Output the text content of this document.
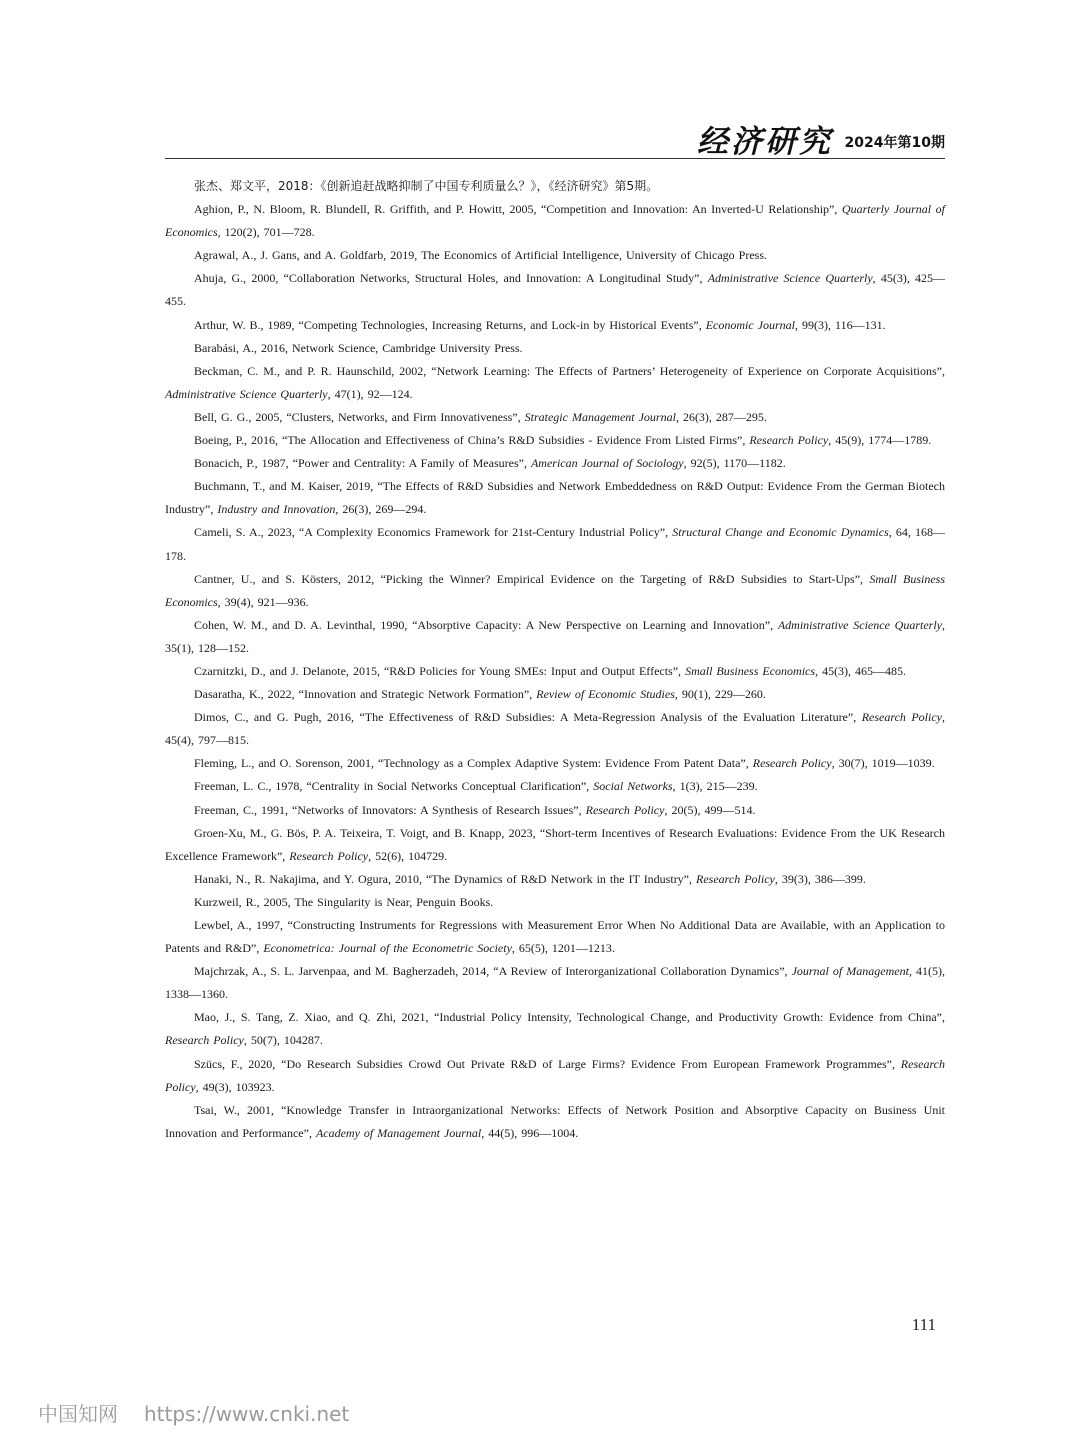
经济研究 2024年第10期
张杰、郑文平，2018：《创新追赶战略抑制了中国专利质量么？》，《经济研究》第5期。
Aghion, P., N. Bloom, R. Blundell, R. Griffith, and P. Howitt, 2005, “Competition and Innovation: An Inverted-U Relationship”, Quarterly Journal of Economics, 120(2), 701—728.
Agrawal, A., J. Gans, and A. Goldfarb, 2019, The Economics of Artificial Intelligence, University of Chicago Press.
Ahuja, G., 2000, “Collaboration Networks, Structural Holes, and Innovation: A Longitudinal Study”, Administrative Science Quarterly, 45(3), 425—455.
Arthur, W. B., 1989, “Competing Technologies, Increasing Returns, and Lock-in by Historical Events”, Economic Journal, 99(3), 116—131.
Barabási, A., 2016, Network Science, Cambridge University Press.
Beckman, C. M., and P. R. Haunschild, 2002, “Network Learning: The Effects of Partners’ Heterogeneity of Experience on Corporate Acquisitions”, Administrative Science Quarterly, 47(1), 92—124.
Bell, G. G., 2005, “Clusters, Networks, and Firm Innovativeness”, Strategic Management Journal, 26(3), 287—295.
Boeing, P., 2016, “The Allocation and Effectiveness of China’s R&D Subsidies - Evidence From Listed Firms”, Research Policy, 45(9), 1774—1789.
Bonacich, P., 1987, “Power and Centrality: A Family of Measures”, American Journal of Sociology, 92(5), 1170—1182.
Buchmann, T., and M. Kaiser, 2019, “The Effects of R&D Subsidies and Network Embeddedness on R&D Output: Evidence From the German Biotech Industry”, Industry and Innovation, 26(3), 269—294.
Cameli, S. A., 2023, “A Complexity Economics Framework for 21st-Century Industrial Policy”, Structural Change and Economic Dynamics, 64, 168—178.
Cantner, U., and S. Kösters, 2012, “Picking the Winner? Empirical Evidence on the Targeting of R&D Subsidies to Start-Ups”, Small Business Economics, 39(4), 921—936.
Cohen, W. M., and D. A. Levinthal, 1990, “Absorptive Capacity: A New Perspective on Learning and Innovation”, Administrative Science Quarterly, 35(1), 128—152.
Czarnitzki, D., and J. Delanote, 2015, “R&D Policies for Young SMEs: Input and Output Effects”, Small Business Economics, 45(3), 465—485.
Dasaratha, K., 2022, “Innovation and Strategic Network Formation”, Review of Economic Studies, 90(1), 229—260.
Dimos, C., and G. Pugh, 2016, “The Effectiveness of R&D Subsidies: A Meta-Regression Analysis of the Evaluation Literature”, Research Policy, 45(4), 797—815.
Fleming, L., and O. Sorenson, 2001, “Technology as a Complex Adaptive System: Evidence From Patent Data”, Research Policy, 30(7), 1019—1039.
Freeman, L. C., 1978, “Centrality in Social Networks Conceptual Clarification”, Social Networks, 1(3), 215—239.
Freeman, C., 1991, “Networks of Innovators: A Synthesis of Research Issues”, Research Policy, 20(5), 499—514.
Groen-Xu, M., G. Bös, P. A. Teixeira, T. Voigt, and B. Knapp, 2023, “Short-term Incentives of Research Evaluations: Evidence From the UK Research Excellence Framework”, Research Policy, 52(6), 104729.
Hanaki, N., R. Nakajima, and Y. Ogura, 2010, “The Dynamics of R&D Network in the IT Industry”, Research Policy, 39(3), 386—399.
Kurzweil, R., 2005, The Singularity is Near, Penguin Books.
Lewbel, A., 1997, “Constructing Instruments for Regressions with Measurement Error When No Additional Data are Available, with an Application to Patents and R&D”, Econometrica: Journal of the Econometric Society, 65(5), 1201—1213.
Majchrzak, A., S. L. Jarvenpaa, and M. Bagherzadeh, 2014, “A Review of Interorganizational Collaboration Dynamics”, Journal of Management, 41(5), 1338—1360.
Mao, J., S. Tang, Z. Xiao, and Q. Zhi, 2021, “Industrial Policy Intensity, Technological Change, and Productivity Growth: Evidence from China”, Research Policy, 50(7), 104287.
Szücs, F., 2020, “Do Research Subsidies Crowd Out Private R&D of Large Firms? Evidence From European Framework Programmes”, Research Policy, 49(3), 103923.
Tsai, W., 2001, “Knowledge Transfer in Intraorganizational Networks: Effects of Network Position and Absorptive Capacity on Business Unit Innovation and Performance”, Academy of Management Journal, 44(5), 996—1004.
111
中国知网 https://www.cnki.net
